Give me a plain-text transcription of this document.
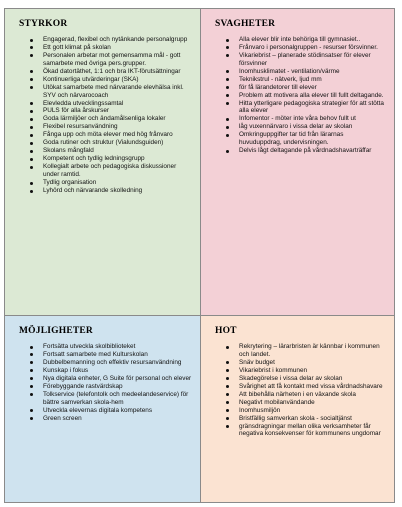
STYRKOR
Engagerad, flexibel och nytänkande personalgrupp
Ett gott klimat på skolan
Personalen arbetar mot gemensamma mål - gott samarbete med övriga pers.grupper.
Ökad datortäthet, 1:1 och bra IKT-förutsättningar
Kontinuerliga utvärderingar (SKA)
Utökat samarbete med närvarande elevhälsa inkl. SYV och närvarocoach
Elevledda utvecklingssamtal
PULS för alla årskurser
Goda lärmiljöer och ändamålsenliga lokaler
Flexibel resursanvändning
Fånga upp och möta elever med hög frånvaro
Goda rutiner och struktur (Vialundsguiden)
Skolans mångfald
Kompetent och tydlig ledningsgrupp
Kollegialt arbete och pedagogiska diskussioner under ramtid.
Tydlig organisation
Lyhörd och närvarande skolledning
SVAGHETER
Alla elever blir inte behöriga till gymnasiet..
Frånvaro i personalgruppen - resurser försvinner.
Vikariebrist – planerade stödinsatser för elever försvinner
Inomhusklimatet - ventilation/värme
Teknikstrul - nätverk, ljud mm
för få lärandetorer till elever
Problem att motivera alla elever till fullt deltagande.
Hitta ytterligare pedagogiska strategier för att stötta alla elever
Infomentor - möter inte våra behov fullt ut
låg vuxennärvaro i vissa delar av skolan
Omkringuppgifter tar tid från lärarnas huvuduppdrag, undervisningen.
Delvis lågt deltagande på vårdnadshavarträffar
MÖJLIGHETER
Fortsätta utveckla skolbiblioteket
Fortsatt samarbete med Kulturskolan
Dubbelbemanning och effektiv resursanvändning
Kunskap i fokus
Nya digitala enheter, G Suite för personal och elever
Förebyggande rastvärdskap
Tolkservice (telefontolk och medeelandeservice) för bättre samverkan skola-hem
Utveckla elevernas digitala kompetens
Green screen
HOT
Rekrytering – lärarbristen är kännbar i kommunen och landet.
Snäv budget
Vikariebrist i kommunen
Skadegörelse i vissa delar av skolan
Svårighet att få kontakt med vissa vårdnadshavare
Att bibehålla närheten i en växande skola
Negativt mobilanvändande
Inomhusmiljön
Bristfällig samverkan skola - socialtjänst
gränsdragningar mellan olika verksamheter får negativa konsekvenser för kommunens ungdomar
